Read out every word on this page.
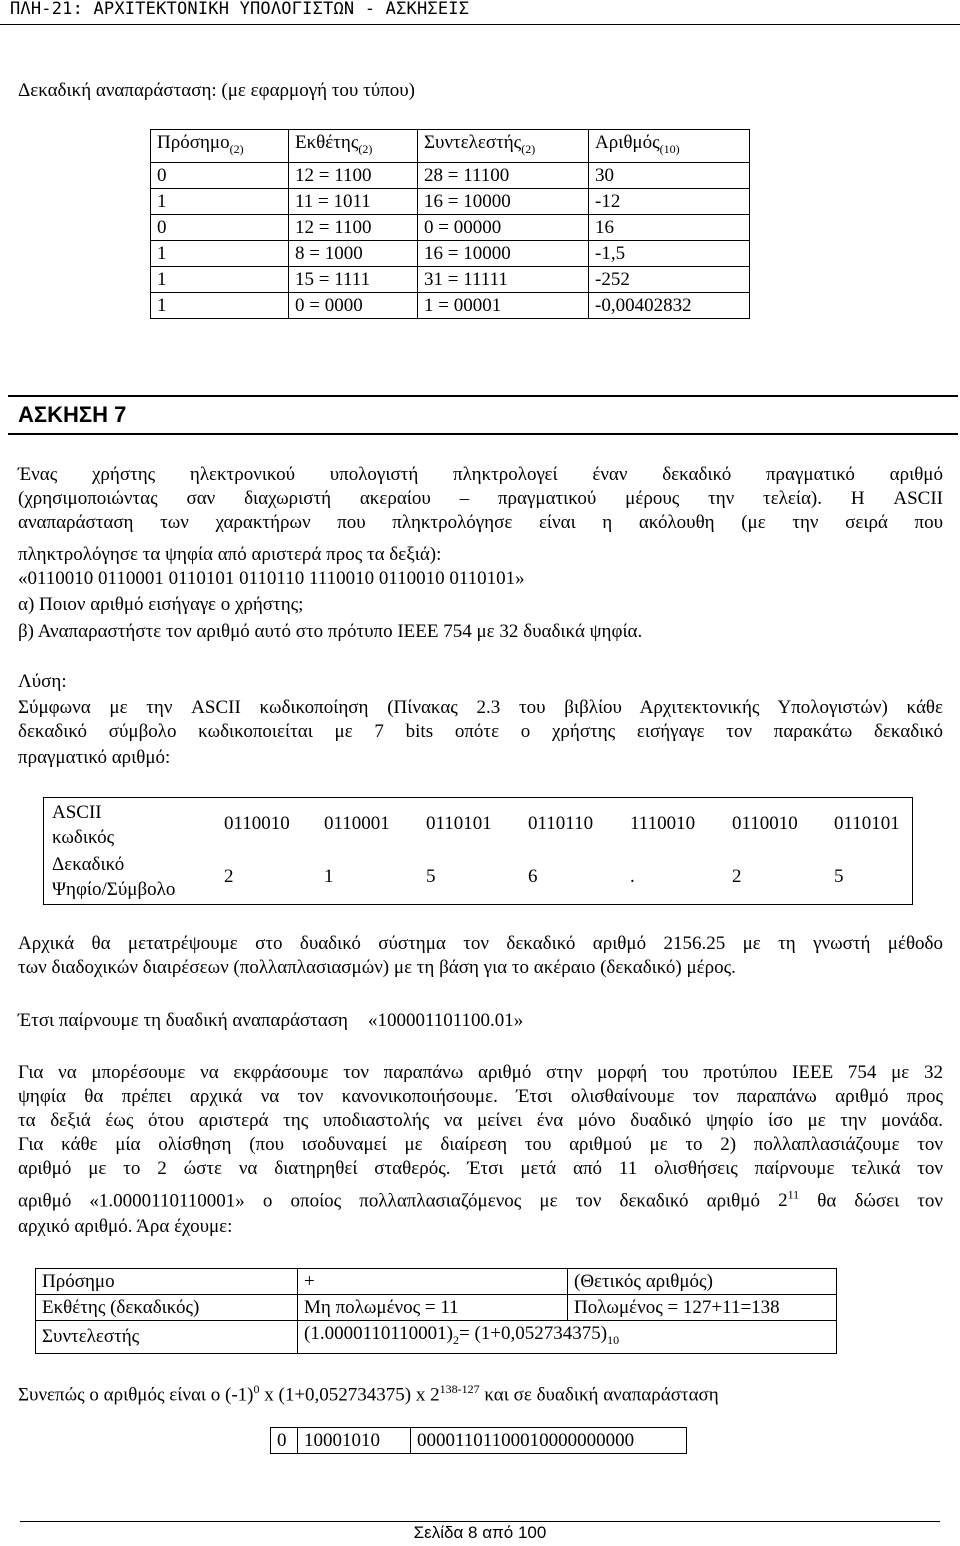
ΠΛΗ-21: ΑΡΧΙΤΕΚΤΟΝΙΚΗ ΥΠΟΛΟΓΙΣΤΩΝ - ΑΣΚΗΣΕΙΣ
Δεκαδική αναπαράσταση: (με εφαρμογή του τύπου)
Πρόσημο$_{(2)}$	Εκθέτης$_{(2)}$	Συντελεστής$_{(2)}$	Αριθμός$_{(10)}$
0	12 = 1100	28 = 11100	30
1	11 = 1011	16 = 10000	-12
0	12 = 1100	0 = 00000	16
1	8 = 1000	16 = 10000	-1,5
1	15 = 1111	31 = 11111	-252
1	0 = 0000	1 = 00001	-0,00402832
ΑΣΚΗΣΗ 7
Ένας χρήστης ηλεκτρονικού υπολογιστή πληκτρολογεί έναν δεκαδικό πραγματικό αριθμό
(χρησιμοποιώντας σαν διαχωριστή ακεραίου – πραγματικού μέρους την τελεία). Η ASCII
αναπαράσταση των χαρακτήρων που πληκτρολόγησε είναι η ακόλουθη (με την σειρά που
πληκτρολόγησε τα ψηφία από αριστερά προς τα δεξιά):
«0110010 0110001 0110101 0110110 1110010 0110010 0110101»
α) Ποιον αριθμό εισήγαγε ο χρήστης;
β) Αναπαραστήστε τον αριθμό αυτό στο πρότυπο IEEE 754 με 32 δυαδικά ψηφία.
Λύση:
Σύμφωνα με την ASCII κωδικοποίηση (Πίνακας 2.3 του βιβλίου Αρχιτεκτονικής Υπολογιστών) κάθε
δεκαδικό σύμβολο κωδικοποιείται με 7 bits οπότε ο χρήστης εισήγαγε τον παρακάτω δεκαδικό
πραγματικό αριθμό:
ASCII
κωδικός
Δεκαδικό
Ψηφίο/Σύμβολο
0110010 0110001 0110101 0110110 1110010 0110010 0110101
2	1	5	6	.	2	5
Αρχικά θα μετατρέψουμε στο δυαδικό σύστημα τον δεκαδικό αριθμό 2156.25 με τη γνωστή μέθοδο
των διαδοχικών διαιρέσεων (πολλαπλασιασμών) με τη βάση για το ακέραιο (δεκαδικό) μέρος.
Έτσι παίρνουμε τη δυαδική αναπαράσταση «100001101100.01»
Για να μπορέσουμε να εκφράσουμε τον παραπάνω αριθμό στην μορφή του προτύπου IEEE 754 με 32
ψηφία θα πρέπει αρχικά να τον κανονικοποιήσουμε. Έτσι ολισθαίνουμε τον παραπάνω αριθμό προς
τα δεξιά έως ότου αριστερά της υποδιαστολής να μείνει ένα μόνο δυαδικό ψηφίο ίσο με την μονάδα.
Για κάθε μία ολίσθηση (που ισοδυναμεί με διαίρεση του αριθμού με το 2) πολλαπλασιάζουμε τον
αριθμό με το 2 ώστε να διατηρηθεί σταθερός. Έτσι μετά από 11 ολισθήσεις παίρνουμε τελικά τον
αριθμό «1.0000110110001» ο οποίος πολλαπλασιαζόμενος με τον δεκαδικό αριθμό $2^{11}$ θα δώσει τον
αρχικό αριθμό. Άρα έχουμε:
Πρόσημο	+	(Θετικός αριθμός)
Εκθέτης (δεκαδικός)	Μη πολωμένος = 11	Πολωμένος = 127+11=138
Συντελεστής	$(1.0000110110001)_2= (1+0,052734375)_{10}$
Συνεπώς ο αριθμός είναι ο $(-1)^0$ x (1+0,052734375) x 2$^{138-127}$ και σε δυαδική αναπαράσταση
0	10001010	00001101100010000000000
Σελίδα 8 από 100
